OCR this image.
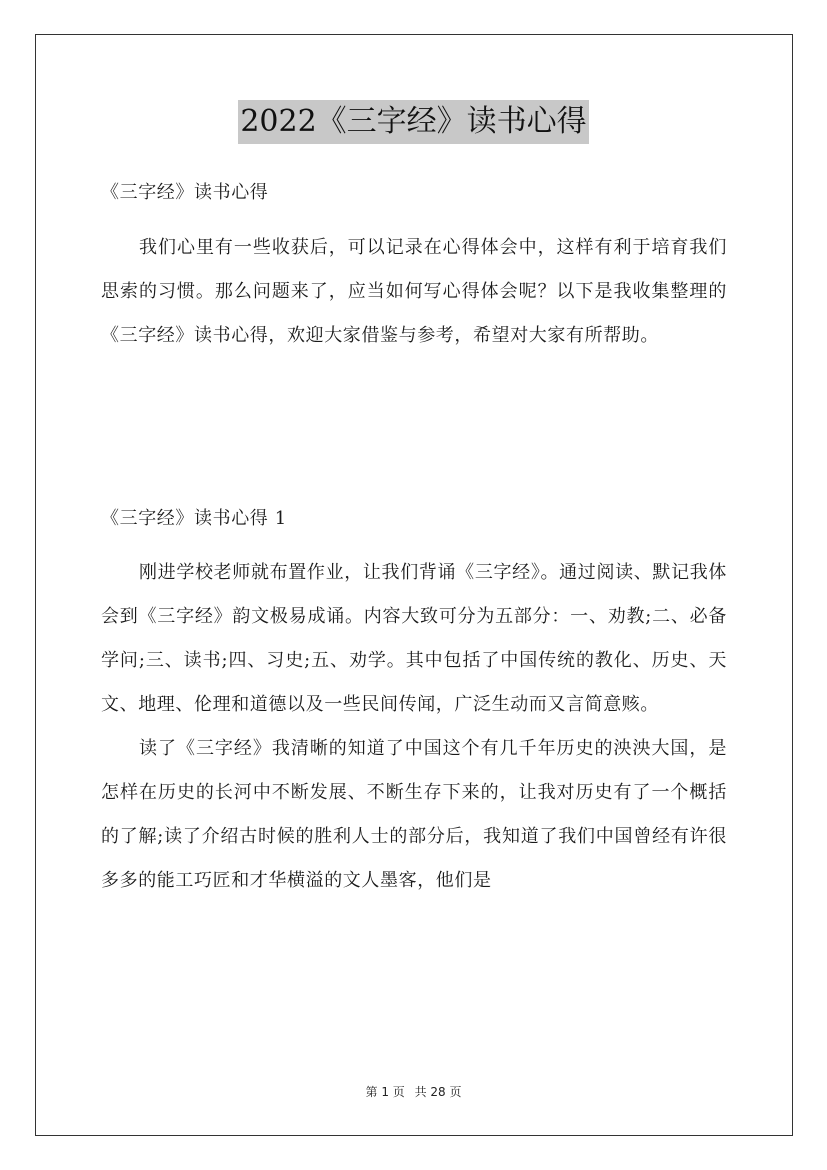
2022《三字经》读书心得
《三字经》读书心得

我们心里有一些收获后，可以记录在心得体会中，这样有利于培育我们思索的习惯。那么问题来了，应当如何写心得体会呢？以下是我收集整理的《三字经》读书心得，欢迎大家借鉴与参考，希望对大家有所帮助。

《三字经》读书心得 1

刚进学校老师就布置作业，让我们背诵《三字经》。通过阅读、默记我体会到《三字经》韵文极易成诵。内容大致可分为五部分：一、劝教;二、必备学问;三、读书;四、习史;五、劝学。其中包括了中国传统的教化、历史、天文、地理、伦理和道德以及一些民间传闻，广泛生动而又言简意赅。

读了《三字经》我清晰的知道了中国这个有几千年历史的泱泱大国，是怎样在历史的长河中不断发展、不断生存下来的，让我对历史有了一个概括的了解;读了介绍古时候的胜利人士的部分后，我知道了我们中国曾经有许很多多的能工巧匠和才华横溢的文人墨客，他们是

第 1 页 共 28 页
